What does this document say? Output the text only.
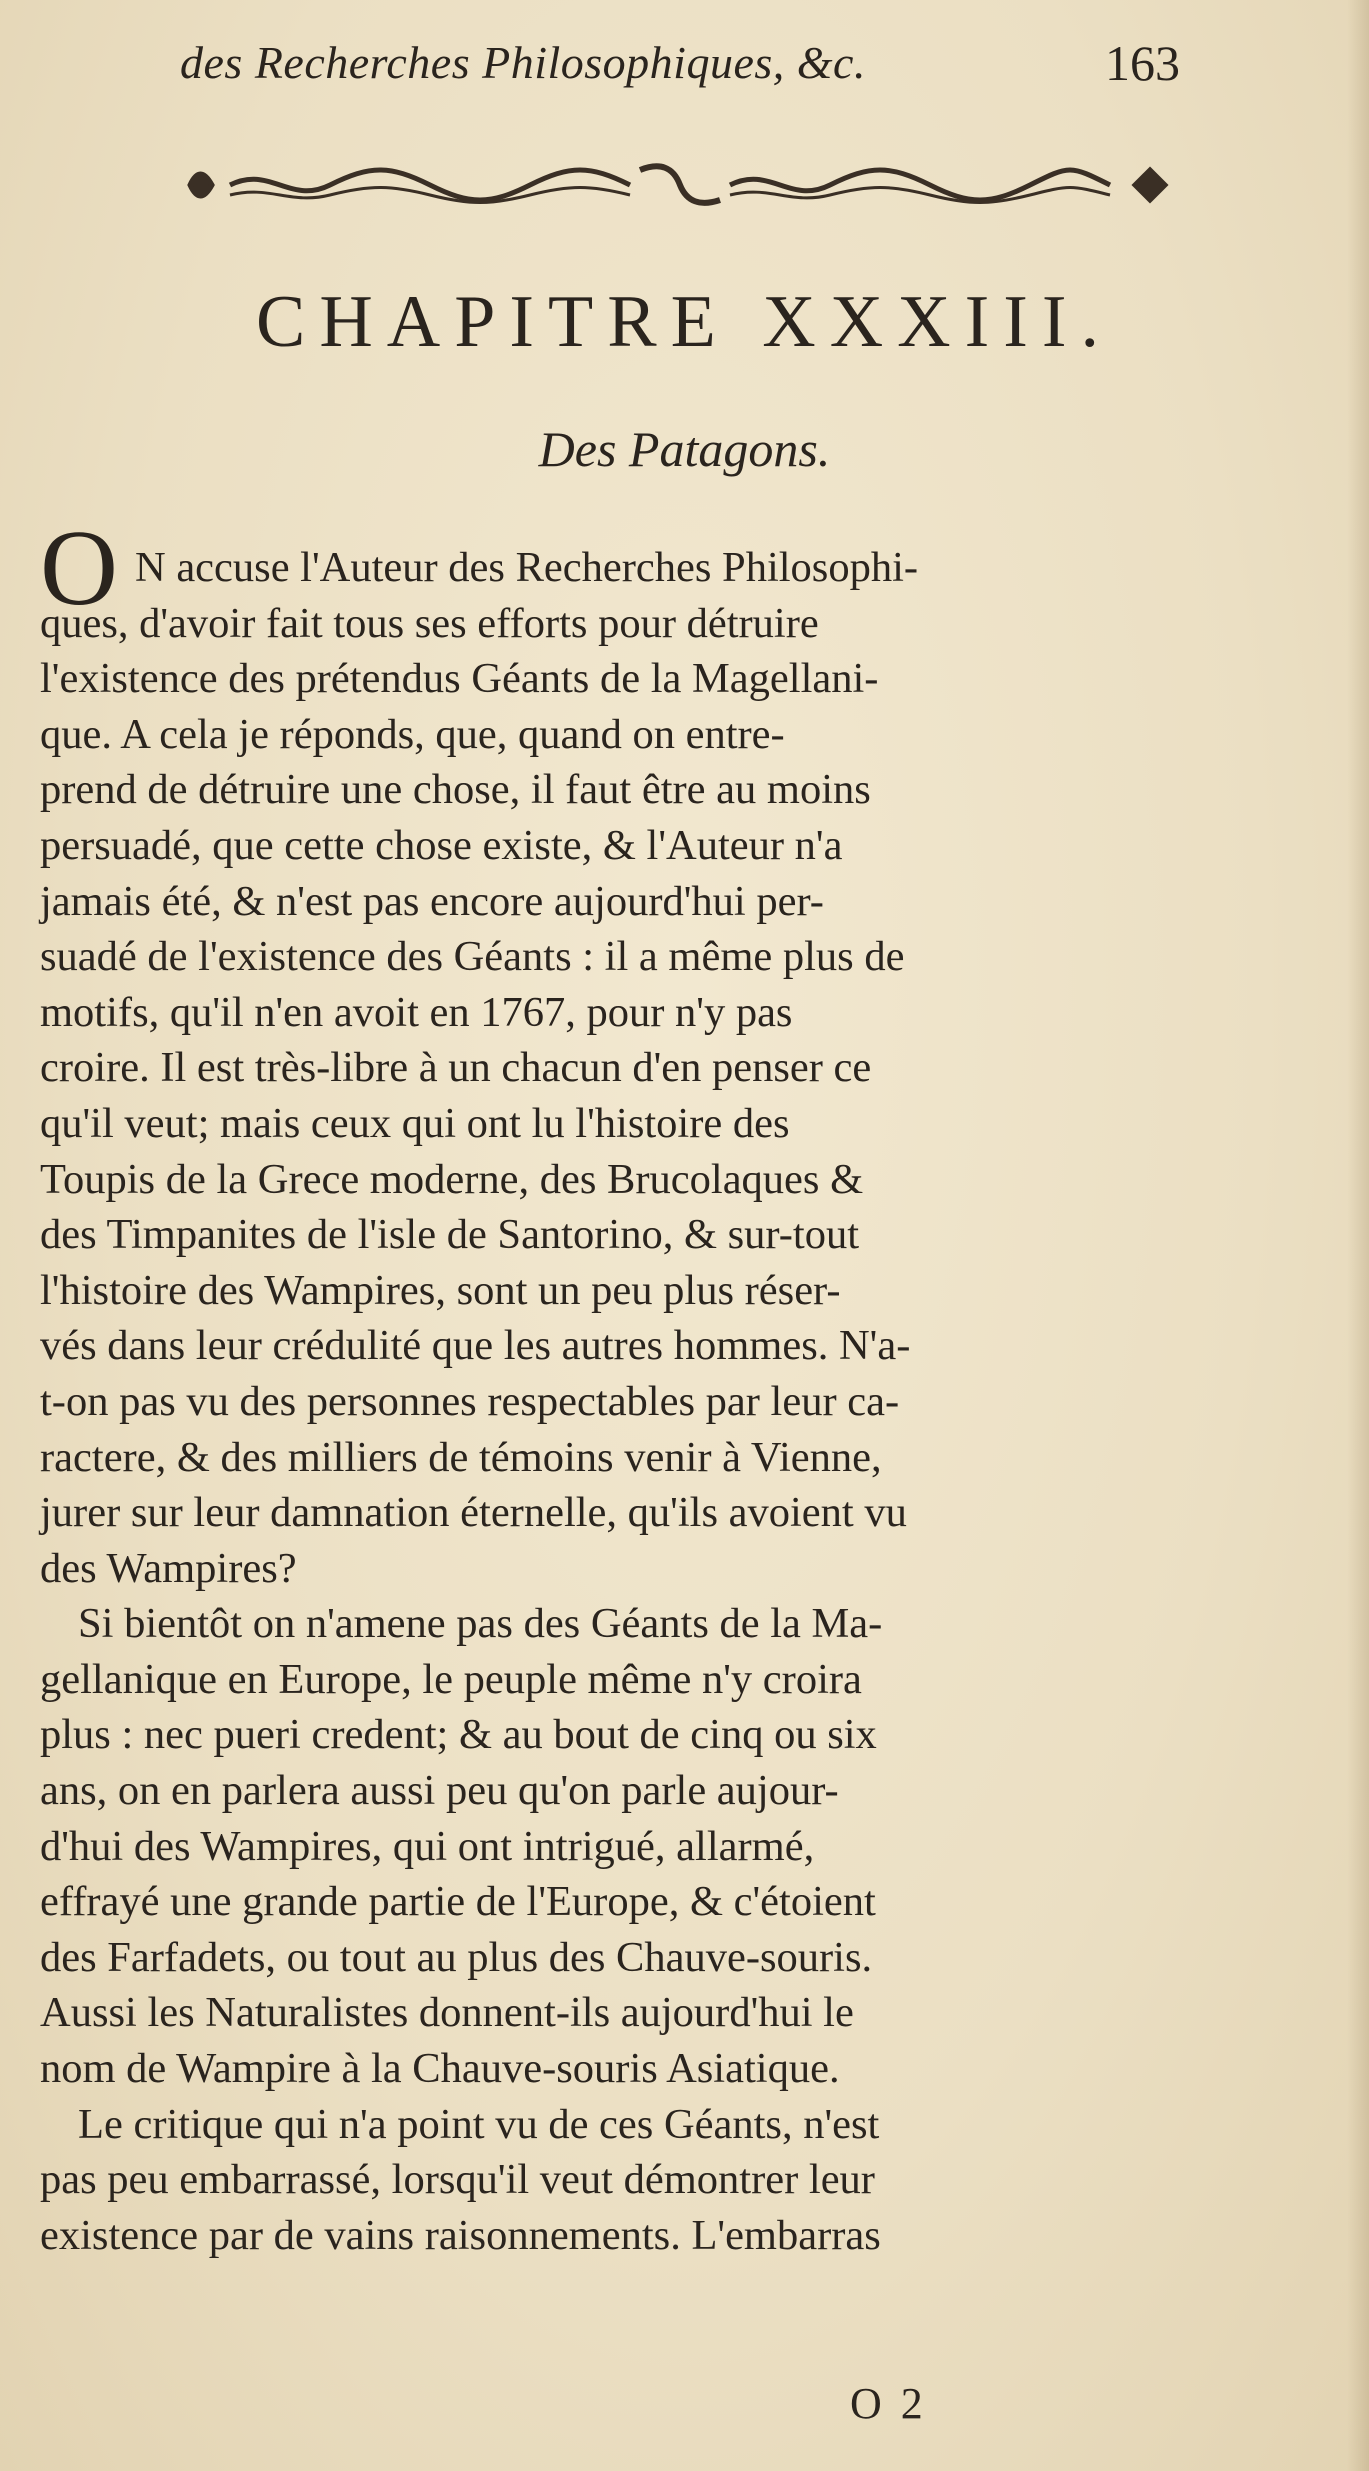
des Recherches Philosophiques, &c.	163
CHAPITRE XXXIII.
Des Patagons.
O N accuse l'Auteur des Recherches Philosophi-
ques, d'avoir fait tous ses efforts pour détruire
l'existence des prétendus Géants de la Magellani-
que. A cela je réponds, que, quand on entre-
prend de détruire une chose, il faut être au moins
persuadé, que cette chose existe, & l'Auteur n'a
jamais été, & n'est pas encore aujourd'hui per-
suadé de l'existence des Géants : il a même plus de
motifs, qu'il n'en avoit en 1767, pour n'y pas
croire. Il est très-libre à un chacun d'en penser ce
qu'il veut; mais ceux qui ont lu l'histoire des
Toupis de la Grece moderne, des Brucolaques &
des Timpanites de l'isle de Santorino, & sur-tout
l'histoire des Wampires, sont un peu plus réser-
vés dans leur crédulité que les autres hommes. N'a-
t-on pas vu des personnes respectables par leur ca-
ractere, & des milliers de témoins venir à Vienne,
jurer sur leur damnation éternelle, qu'ils avoient vu
des Wampires?
Si bientôt on n'amene pas des Géants de la Ma-
gellanique en Europe, le peuple même n'y croira
plus : nec pueri credent; & au bout de cinq ou six
ans, on en parlera aussi peu qu'on parle aujour-
d'hui des Wampires, qui ont intrigué, allarmé,
effrayé une grande partie de l'Europe, & c'étoient
des Farfadets, ou tout au plus des Chauve-souris.
Aussi les Naturalistes donnent-ils aujourd'hui le
nom de Wampire à la Chauve-souris Asiatique.
Le critique qui n'a point vu de ces Géants, n'est
pas peu embarrassé, lorsqu'il veut démontrer leur
existence par de vains raisonnements. L'embarras
O 2
